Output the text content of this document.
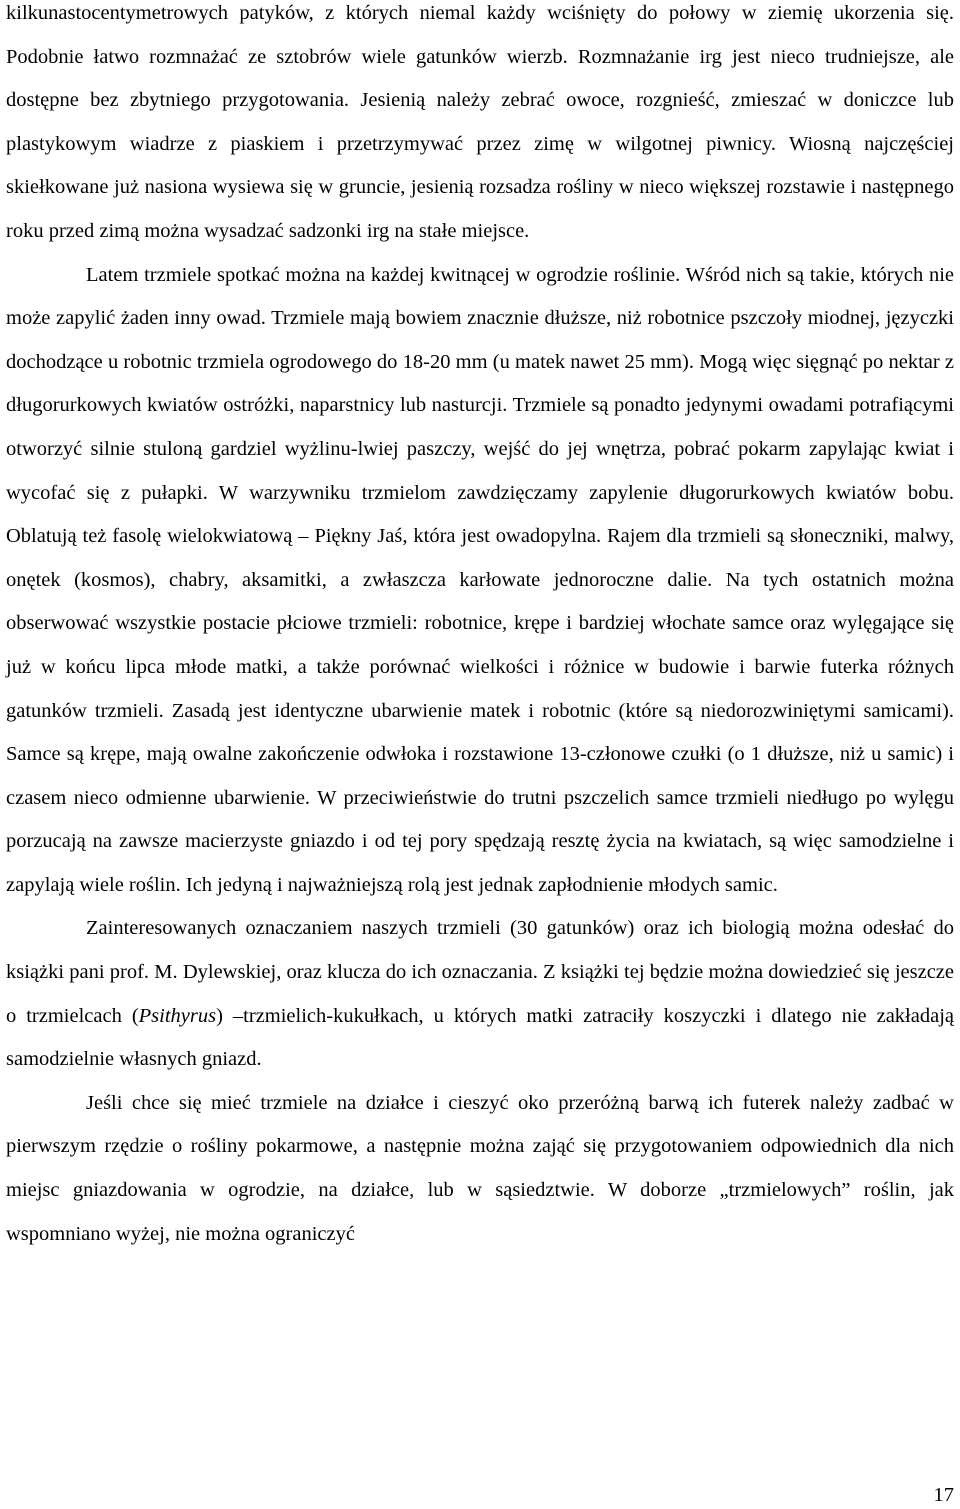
kilkunastocentymetrowych patyków, z których niemal każdy wciśnięty do połowy w ziemię ukorzenia się. Podobnie łatwo rozmnażać ze sztobrów wiele gatunków wierzb. Rozmnażanie irg jest nieco trudniejsze, ale dostępne bez zbytniego przygotowania. Jesienią należy zebrać owoce, rozgnieść, zmieszać w doniczce lub plastykowym wiadrze z piaskiem i przetrzymywać przez zimę w wilgotnej piwnicy. Wiosną najczęściej skiełkowane już nasiona wysiewa się w gruncie, jesienią rozsadza rośliny w nieco większej rozstawie i następnego roku przed zimą można wysadzać sadzonki irg na stałe miejsce.

Latem trzmiele spotkać można na każdej kwitnącej w ogrodzie roślinie. Wśród nich są takie, których nie może zapylić żaden inny owad. Trzmiele mają bowiem znacznie dłuższe, niż robotnice pszczoły miodnej, języczki dochodzące u robotnic trzmiela ogrodowego do 18-20 mm (u matek nawet 25 mm). Mogą więc sięgnąć po nektar z długorurkowych kwiatów ostróżki, naparstnicy lub nasturcji. Trzmiele są ponadto jedynymi owadami potrafiącymi otworzyć silnie stuloną gardziel wyżlinu-lwiej paszczy, wejść do jej wnętrza, pobrać pokarm zapylając kwiat i wycofać się z pułapki. W warzywniku trzmielom zawdzięczamy zapylenie długorurkowych kwiatów bobu. Oblatują też fasolę wielokwiatową – Piękny Jaś, która jest owadopylna. Rajem dla trzmieli są słoneczniki, malwy, onętek (kosmos), chabry, aksamitki, a zwłaszcza karłowate jednoroczne dalie. Na tych ostatnich można obserwować wszystkie postacie płciowe trzmieli: robotnice, krępe i bardziej włochate samce oraz wylęgające się już w końcu lipca młode matki, a także porównać wielkości i różnice w budowie i barwie futerka różnych gatunków trzmieli. Zasadą jest identyczne ubarwienie matek i robotnic (które są niedorozwiniętymi samicami). Samce są krępe, mają owalne zakończenie odwłoka i rozstawione 13-członowe czułki (o 1 dłuższe, niż u samic) i czasem nieco odmienne ubarwienie. W przeciwieństwie do trutni pszczelich samce trzmieli niedługo po wylęgu porzucają na zawsze macierzyste gniazdo i od tej pory spędzają resztę życia na kwiatach, są więc samodzielne i zapylają wiele roślin. Ich jedyną i najważniejszą rolą jest jednak zapłodnienie młodych samic.

Zainteresowanych oznaczaniem naszych trzmieli (30 gatunków) oraz ich biologią można odesłać do książki pani prof. M. Dylewskiej, oraz klucza do ich oznaczania. Z książki tej będzie można dowiedzieć się jeszcze o trzmielcach (Psithyrus) –trzmielich-kukułkach, u których matki zatraciły koszyczki i dlatego nie zakładają samodzielnie własnych gniazd.

Jeśli chce się mieć trzmiele na działce i cieszyć oko przeróżną barwą ich futerek należy zadbać w pierwszym rzędzie o rośliny pokarmowe, a następnie można zająć się przygotowaniem odpowiednich dla nich miejsc gniazdowania w ogrodzie, na działce, lub w sąsiedztwie. W doborze „trzmielowych” roślin, jak wspomniano wyżej, nie można ograniczyć

17
